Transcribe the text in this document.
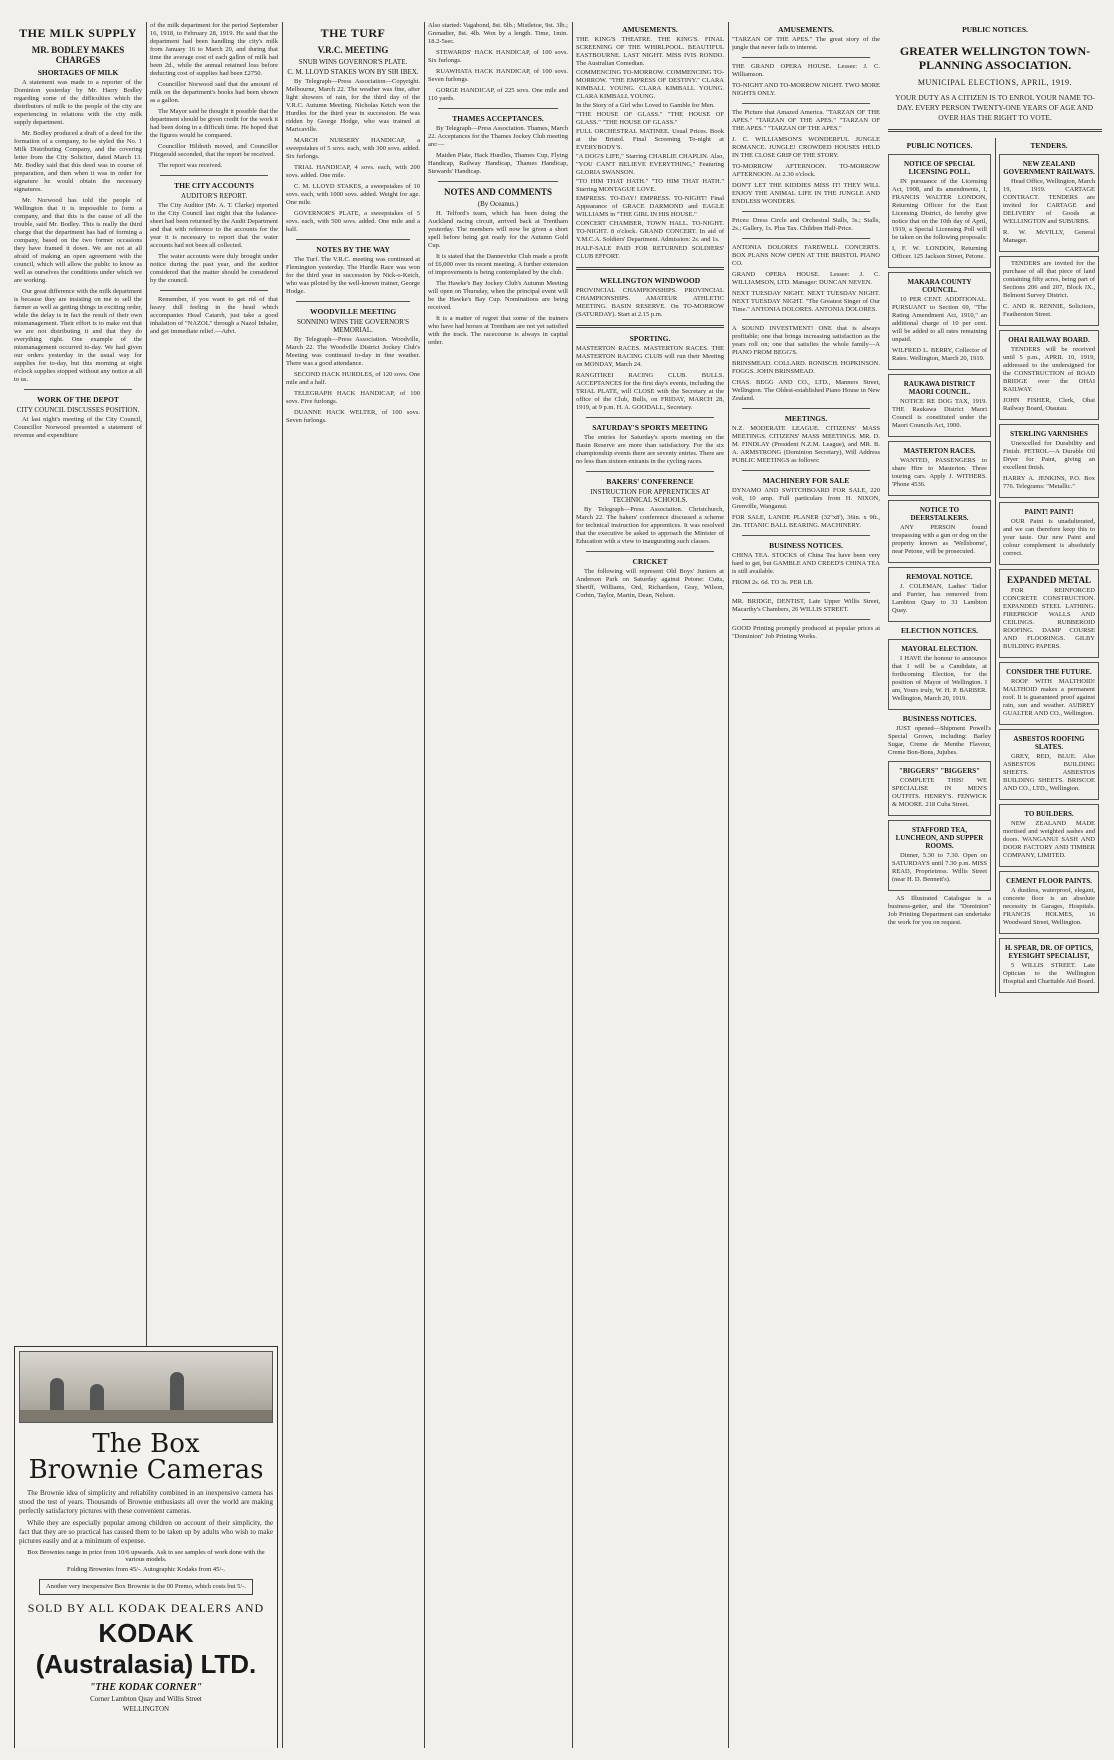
THE MILK SUPPLY
MR. BODLEY MAKES CHARGES
SHORTAGES OF MILK

A statement was made to a reporter of the Dominion yesterday by Mr. Harry Bodley regarding some of the difficulties which the distributors of milk to the people of the city are experiencing in relations with the city milk supply department.

Mr. Bodley produced a draft of a deed for the formation of a company, to be styled the No. 1 Milk Distributing Company, and the covering letter from the City Solicitor, dated March 13. Mr. Bodley said that this deed was in course of preparation, and then when it was in order for signature he would obtain the necessary signatures.

Mr. Norwood has told the people of Wellington that it is impossible to form a company, and that this is the cause of all the trouble, said Mr. Bodley. This is really the third charge that the department has had of forming a company, based on the two former occasions they have framed it down. We are not at all afraid of making an open agreement with the council, which will allow the public to know as well as ourselves the conditions under which we are working.

Our great difference with the milk department is because they are insisting on me to sell the farmer as well as getting things in exciting order, while the delay is in fact the result of their own mismanagement. Their effort is to make out that we are not distributing it and that they do everything right. One example of the mismanagement occurred to-day. We had given our orders yesterday in the usual way for supplies for to-day, but this morning at eight o'clock supplies stopped without any notice at all to us.

WORK OF THE DEPOT
CITY COUNCIL DISCUSSES POSITION.

At last night's meeting of the City Council, Councillor Norwood presented a statement of revenue and expenditure

of the milk department for the period September 16, 1918, to February 28, 1919. He said that the department had been handling the city's milk from January 16 to March 20, and during that time the average cost of each gallon of milk had been 2d., while the annual retained loss before deducting cost of supplies had been £2750.

Councillor Norwood said that the amount of milk on the department's books had been shown as a gallon.

The Mayor said he thought it possible that the department should be given credit for the work it had been doing in a difficult time. He hoped that the figures would be compared.

Councillor Hildreth moved, and Councillor Fitzgerald seconded, that the report be received.

The report was received.

THE CITY ACCOUNTS
AUDITOR'S REPORT.

The City Auditor (Mr. A. T. Clarke) reported to the City Council last night that the balance-sheet had been returned by the Audit Department and that with reference to the accounts for the year it is necessary to report that the water accounts had not been all collected.

The water accounts were duly brought under notice during the past year, and the auditor considered that the matter should be considered by the council.

Remember, if you want to get rid of that heavy dull feeling in the head which accompanies Head Catarrh, just take a good inhalation of "NAZOL" through a Nazol Inhaler, and get immediate relief.—Advt.

The Box
Brownie Cameras

The Brownie idea of simplicity and reliability combined in an inexpensive camera has stood the test of years. Thousands of Brownie enthusiasts all over the world are making perfectly satisfactory pictures with these convenient cameras.

While they are especially popular among children on account of their simplicity, the fact that they are so practical has caused them to be taken up by adults who wish to make pictures easily and at a minimum of expense.

Box Brownies range in price from 10/6 upwards. Ask to see samples of work done with the various models.
Folding Brownies from 45/-. Autographic Kodaks from 45/-.
Another very inexpensive Box Brownie is the 00 Premo, which costs but 5/-.
SOLD BY ALL KODAK DEALERS AND
KODAK (Australasia) LTD.
"THE KODAK CORNER"
Corner Lambton Quay and Willis Street
WELLINGTON
THE TURF
V.R.C. MEETING
SNUB WINS GOVERNOR'S PLATE.
C. M. LLOYD STAKES WON BY SIR IBEX.

By Telegraph—Press Association—Copyright. Melbourne, March 22. The weather was fine, after light showers of rain, for the third day of the V.R.C. Autumn Meeting. Nicholas Ketch won the Hurdles for the third year in succession. He was ridden by George Hodge, who was trained at Maricaville.

MARCH NURSERY HANDICAP, a sweepstakes of 5 sovs. each, with 300 sovs. added. Six furlongs.

TRIAL HANDICAP, 4 sovs. each, with 200 sovs. added. One mile.

C. M. LLOYD STAKES, a sweepstakes of 10 sovs. each, with 1000 sovs. added. Weight for age. One mile.

GOVERNOR'S PLATE, a sweepstakes of 5 sovs. each, with 500 sovs. added. One mile and a half.

NOTES BY THE WAY

The Turf. The V.R.C. meeting was continued at Flemington yesterday. The Hurdle Race was won for the third year in succession by Nick-o-Ketch, who was piloted by the well-known trainer, George Hodge.

WOODVILLE MEETING
SONNINO WINS THE GOVERNOR'S MEMORIAL.

By Telegraph—Press Association. Woodville, March 22. The Woodville District Jockey Club's Meeting was continued to-day in fine weather. There was a good attendance.

SECOND HACK HURDLES, of 120 sovs. One mile and a half.

TELEGRAPH HACK HANDICAP, of 100 sovs. Five furlongs.

DUANNE HACK WELTER, of 100 sovs. Seven furlongs.

Also started: Vagabond, 8st. 6lb.; Mistletoe, 9st. 3lb.; Grenadier, 8st. 4lb. Won by a length. Time, 1min. 18.2-5sec.

STEWARDS' HACK HANDICAP, of 100 sovs. Six furlongs.

RUAWHATA HACK HANDICAP, of 100 sovs. Seven furlongs.

GORGE HANDICAP, of 225 sovs. One mile and 110 yards.

THAMES ACCEPTANCES.

By Telegraph—Press Association. Thames, March 22. Acceptances for the Thames Jockey Club meeting are:—

Maiden Plate, Hack Hurdles, Thames Cup, Flying Handicap, Railway Handicap, Thames Handicap, Stewards' Handicap.

NOTES AND COMMENTS
(By Oceanus.)

H. Telford's team, which has been doing the Auckland racing circuit, arrived back at Trentham yesterday. The members will now be given a short spell before being got ready for the Autumn Gold Cup.

It is stated that the Dannevirke Club made a profit of £6,000 over its recent meeting. A further extension of improvements is being contemplated by the club.

The Hawke's Bay Jockey Club's Autumn Meeting will open on Thursday, when the principal event will be the Hawke's Bay Cup. Nominations are being received.

It is a matter of regret that some of the trainers who have had horses at Trentham are not yet satisfied with the track. The racecourse is always in capital order.

AMUSEMENTS.

THE KING'S THEATRE. THE KING'S. FINAL SCREENING OF THE WHIRLPOOL. BEAUTIFUL EASTBOURNE. LAST NIGHT. MISS IVIS RONDO. The Australian Comedian.

COMMENCING TO-MORROW. COMMENCING TO-MORROW. "THE EMPRESS OF DESTINY." CLARA KIMBALL YOUNG. CLARA KIMBALL YOUNG. CLARA KIMBALL YOUNG.

In the Story of a Girl who Loved to Gamble for Men.

"THE HOUSE OF GLASS." "THE HOUSE OF GLASS." "THE HOUSE OF GLASS."

FULL ORCHESTRAL MATINEE. Usual Prices. Book at the Bristol. Final Screening To-night at EVERYBODY'S.

"A DOG'S LIFE," Starring CHARLIE CHAPLIN. Also, "YOU CAN'T BELIEVE EVERYTHING," Featuring GLORIA SWANSON.

"TO HIM THAT HATH." "TO HIM THAT HATH." Starring MONTAGUE LOVE.

EMPRESS. TO-DAY! EMPRESS. TO-NIGHT! Final Appearance of GRACE DARMOND and EAGLE WILLIAMS in "THE GIRL IN HIS HOUSE."

CONCERT CHAMBER, TOWN HALL. TO-NIGHT. TO-NIGHT. 8 o'clock. GRAND CONCERT. In aid of Y.M.C.A. Soldiers' Department. Admission: 2s. and 1s.

HALF-SALE PAID FOR RETURNED SOLDIERS' CLUB EFFORT.

WELLINGTON WINDWOOD

PROVINCIAL CHAMPIONSHIPS. PROVINCIAL CHAMPIONSHIPS. AMATEUR ATHLETIC MEETING. BASIN RESERVE. On TO-MORROW (SATURDAY). Start at 2.15 p.m.

SPORTING.

MASTERTON RACES. MASTERTON RACES. THE MASTERTON RACING CLUB will run their Meeting on MONDAY, March 24.

RANGITIKEI RACING CLUB. BULLS. ACCEPTANCES for the first day's events, including the TRIAL PLATE, will CLOSE with the Secretary at the office of the Club, Bulls, on FRIDAY, MARCH 28, 1919, at 9 p.m. H. A. GOODALL, Secretary.

SATURDAY'S SPORTS MEETING

The entries for Saturday's sports meeting on the Basin Reserve are more than satisfactory. For the six championship events there are seventy entries. There are no less than sixteen entrants in the cycling races.

BAKERS' CONFERENCE
INSTRUCTION FOR APPRENTICES AT TECHNICAL SCHOOLS.

By Telegraph—Press Association. Christchurch, March 22. The bakers' conference discussed a scheme for technical instruction for apprentices. It was resolved that the executive be asked to approach the Minister of Education with a view to inaugurating such classes.

CRICKET

The following will represent Old Boys' Juniors at Anderson Park on Saturday against Petone: Cutts, Sheriff, Williams, Ord, Richardson, Gray, Wilson, Corbin, Taylor, Martin, Dean, Nelson.

PUBLIC NOTICES.
GREATER WELLINGTON TOWN-
PLANNING ASSOCIATION.
MUNICIPAL ELECTIONS, APRIL, 1919.

YOUR DUTY AS A CITIZEN IS TO ENROL YOUR NAME TO-DAY. EVERY PERSON TWENTY-ONE YEARS OF AGE AND OVER HAS THE RIGHT TO VOTE.

PUBLIC NOTICES.
NOTICE OF SPECIAL LICENSING POLL.

IN pursuance of the Licensing Act, 1908, and its amendments, I, FRANCIS WALTER LONDON, Returning Officer for the East Licensing District, do hereby give notice that on the 10th day of April, 1919, a Special Licensing Poll will be taken on the following proposals:

I, F. W. LONDON, Returning Officer. 125 Jackson Street, Petone.

MAKARA COUNTY COUNCIL.

10 PER CENT. ADDITIONAL. PURSUANT to Section 69, "The Rating Amendment Act, 1910," an additional charge of 10 per cent. will be added to all rates remaining unpaid.

WILFRED L. BERRY, Collector of Rates. Wellington, March 20, 1919.

RAUKAWA DISTRICT MAORI COUNCIL.

NOTICE RE DOG TAX, 1919. THE Raukawa District Maori Council is constituted under the Maori Councils Act, 1900.

MASTERTON RACES.

WANTED, PASSENGERS to share Hire to Masterton. Three touring cars. Apply J. WITHERS. 'Phone 4536.

NOTICE TO DEERSTALKERS.

ANY PERSON found trespassing with a gun or dog on the property known as 'Wellsborne', near Petone, will be prosecuted.

REMOVAL NOTICE.

J. COLEMAN, Ladies' Tailor and Furrier, has removed from Lambton Quay to 31 Lambton Quay.

ELECTION NOTICES.
MAYORAL ELECTION.

I HAVE the honour to announce that I will be a Candidate, at forthcoming Election, for the position of Mayor of Wellington. I am, Yours truly, W. H. P. BARBER. Wellington, March 20, 1919.

BUSINESS NOTICES.

JUST opened—Shipment Powell's Special Grown, including: Barley Sugar, Creme de Menthe Flavour, Creme Bon-Bons, Jujubes.

"BIGGERS" "BIGGERS"

COMPLETE THIS! WE SPECIALISE IN MEN'S OUTFITS. HENRY'S. FENWICK & MOORE. 218 Cuba Street.

STAFFORD TEA, LUNCHEON, AND SUPPER ROOMS.

Dinner, 5.30 to 7.30. Open on SATURDAYS until 7.30 p.m. MISS READ, Proprietress. Willis Street (near H. D. Bennett's).

AS Illustrated Catalogue is a business-getter, and the "Dominion" Job Printing Department can undertake the work for you on request.

TENDERS.
NEW ZEALAND GOVERNMENT RAILWAYS.

Head Office, Wellington, March 19, 1919. CARTAGE CONTRACT. TENDERS are invited for CARTAGE and DELIVERY of Goods at WELLINGTON and SUBURBS.

R. W. McVILLY, General Manager.

TENDERS are invited for the purchase of all that piece of land containing fifty acres, being part of Sections 206 and 207, Block IX., Belmont Survey District.

C. AND R. RENNIE, Solicitors, Featherston Street.

OHAI RAILWAY BOARD.

TENDERS will be received until 5 p.m., APRIL 10, 1919, addressed to the undersigned for the CONSTRUCTION of ROAD BRIDGE over the OHAI RAILWAY.

JOHN FISHER, Clerk, Ohai Railway Board, Otautau.

STERLING VARNISHES

Unexcelled for Durability and Finish. PETROL—A Durable Oil Dryer for Paint, giving an excellent finish.

HARRY A. JENKINS, P.O. Box 776. Telegrams: "Metallic."

PAINT! PAINT!

OUR Paint is unadulterated, and we can therefore keep this to your taste. Our new Paint and colour complement is absolutely correct.

EXPANDED METAL

FOR REINFORCED CONCRETE CONSTRUCTION. EXPANDED STEEL LATHING. FIREPROOF WALLS AND CEILINGS. RUBBEROID ROOFING. DAMP COURSE AND FLOORINGS. GILBY BUILDING PAPERS.

CONSIDER THE FUTURE.

ROOF WITH MALTHOID! MALTHOID makes a permanent roof. It is guaranteed proof against rain, sun and weather. AUBREY GUALTER AND CO., Wellington.

ASBESTOS ROOFING SLATES.

GREY, RED, BLUE. Also ASBESTOS BUILDING SHEETS. ASBESTOS BUILDING SHEETS. BRISCOE AND CO., LTD., Wellington.

TO BUILDERS.

NEW ZEALAND MADE mortised and weighted sashes and doors. WANGANUI SASH AND DOOR FACTORY AND TIMBER COMPANY, LIMITED.

CEMENT FLOOR PAINTS.

A dustless, waterproof, elegant, concrete floor is an absolute necessity in Garages, Hospitals. FRANCIS HOLMES, 16 Woodward Street, Wellington.

H. SPEAR, DR. OF OPTICS, EYESIGHT SPECIALIST,

5 WILLIS STREET. Late Optician to the Wellington Hospital and Charitable Aid Board.

AMUSEMENTS.

"TARZAN OF THE APES." The great story of the jungle that never fails to interest.

THE GRAND OPERA HOUSE. Lessee: J. C. Williamson.

TO-NIGHT AND TO-MORROW NIGHT. TWO MORE NIGHTS ONLY.

The Picture that Amazed America. "TARZAN OF THE APES." "TARZAN OF THE APES." "TARZAN OF THE APES." "TARZAN OF THE APES."

J. C. WILLIAMSON'S WONDERFUL JUNGLE ROMANCE. JUNGLE! CROWDED HOUSES HELD IN THE CLOSE GRIP OF THE STORY.

TO-MORROW AFTERNOON. TO-MORROW AFTERNOON. At 2.30 o'clock.

DON'T LET THE KIDDIES MISS IT! THEY WILL ENJOY THE ANIMAL LIFE IN THE JUNGLE AND ENDLESS WONDERS.

Prices: Dress Circle and Orchestral Stalls, 3s.; Stalls, 2s.; Gallery, 1s. Plus Tax. Children Half-Price.

ANTONIA DOLORES FAREWELL CONCERTS. BOX PLANS NOW OPEN AT THE BRISTOL PIANO CO.

GRAND OPERA HOUSE. Lessee: J. C. WILLIAMSON, LTD. Manager: DUNCAN NEVEN.

NEXT TUESDAY NIGHT. NEXT TUESDAY NIGHT. NEXT TUESDAY NIGHT. "The Greatest Singer of Our Time." ANTONIA DOLORES. ANTONIA DOLORES.

A SOUND INVESTMENT! ONE that is always profitable; one that brings increasing satisfaction as the years roll on; one that satisfies the whole family—A PIANO FROM BEGG'S.

BRINSMEAD. COLLARD. RONISCH. HOPKINSON. FOGGS. JOHN BRINSMEAD.

CHAS. BEGG AND CO., LTD., Manners Street, Wellington. The Oldest-established Piano House in New Zealand.

MEETINGS.

N.Z. MODERATE LEAGUE. CITIZENS' MASS MEETINGS. CITIZENS' MASS MEETINGS. MR. D. M. FINDLAY (President N.Z.M. League), and MR. B. A. ARMSTRONG (Dominion Secretary), Will Address PUBLIC MEETINGS as follows:

MACHINERY FOR SALE

DYNAMO AND SWITCHBOARD FOR SALE, 220 volt, 10 amp. Full particulars from H. NIXON, Grenville, Wanganui.

FOR SALE, LANDE PLANER (32"x8'), 36in. x 9ft., 2in. TITANIC BALL BEARING. MACHINERY.

BUSINESS NOTICES.

CHINA TEA. STOCKS of China Tea have been very hard to get, but GAMBLE AND CREED'S CHINA TEA is still available.

FROM 2s. 6d. TO 3s. PER LB.

MR. BRIDGE, DENTIST, Late Upper Willis Street, Macarthy's Chambers, 26 WILLIS STREET.

GOOD Printing promptly produced at popular prices at "Dominion" Job Printing Works.
